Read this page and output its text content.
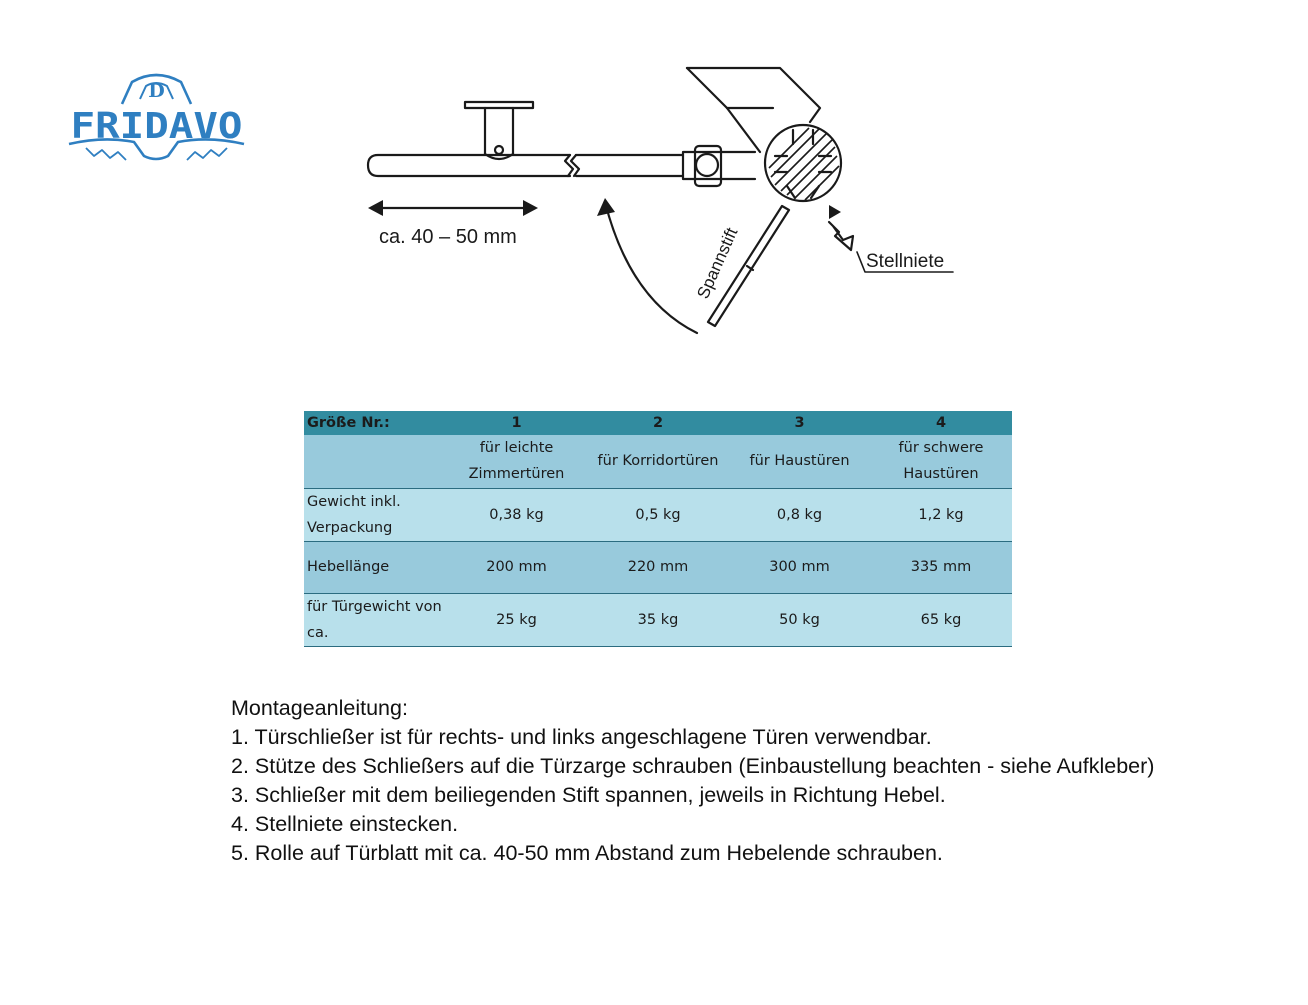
D
FRIDAVO
ca. 40 – 50 mm	Spannstift	Stellniete
Größe Nr.:	1	2	3	4
	für leichte Zimmertüren	für Korridortüren	für Haustüren	für schwere Haustüren
Gewicht inkl. Verpackung	0,38 kg	0,5 kg	0,8 kg	1,2 kg
Hebellänge	200 mm	220 mm	300 mm	335 mm
für Türgewicht von ca.	25 kg	35 kg	50 kg	65 kg

Montageanleitung:

1. Türschließer ist für rechts- und links angeschlagene Türen verwendbar.

2. Stütze des Schließers auf die Türzarge schrauben (Einbaustellung beachten - siehe Aufkleber)

3. Schließer mit dem beiliegenden Stift spannen, jeweils in Richtung Hebel.

4. Stellniete einstecken.

5. Rolle auf Türblatt mit ca. 40-50 mm Abstand zum Hebelende schrauben.
